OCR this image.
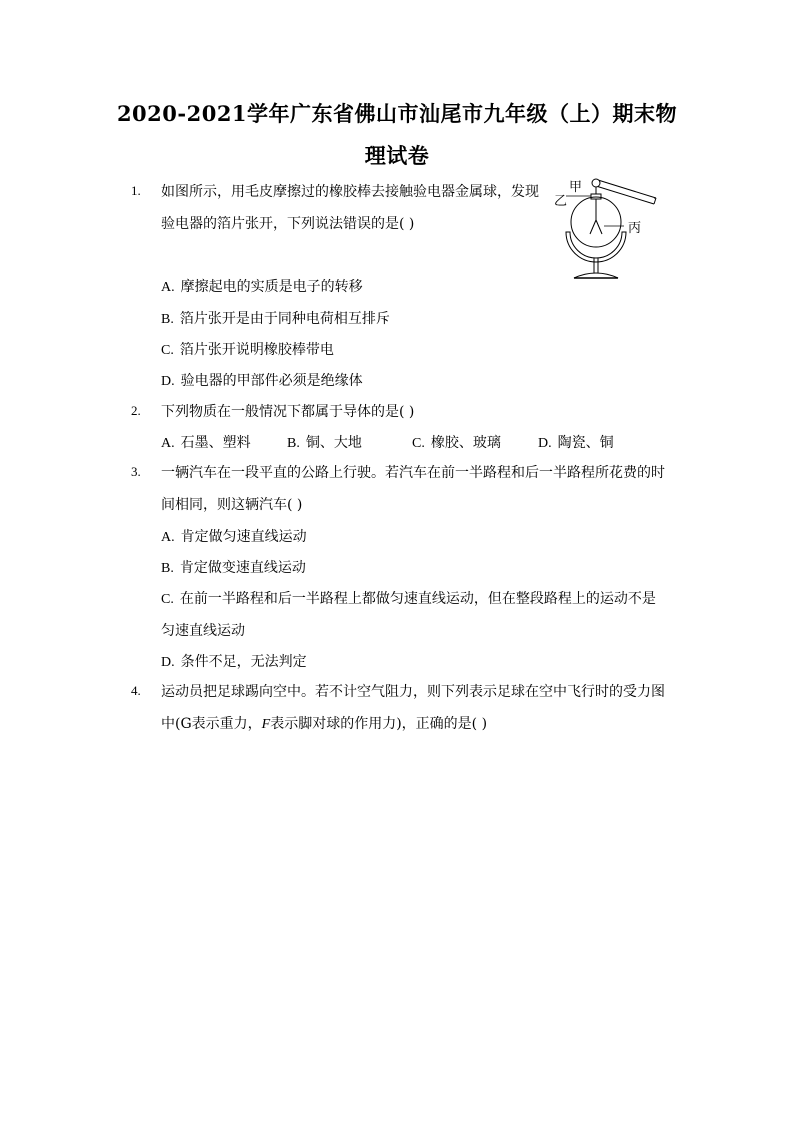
2020-2021学年广东省佛山市汕尾市九年级（上）期末物
理试卷
1. 如图所示，用毛皮摩擦过的橡胶棒去接触验电器金属球，发现
验电器的箔片张开，下列说法错误的是( )
甲
乙
丙
A. 摩擦起电的实质是电子的转移
B. 箔片张开是由于同种电荷相互排斥
C. 箔片张开说明橡胶棒带电
D. 验电器的甲部件必须是绝缘体
2. 下列物质在一般情况下都属于导体的是( )
A. 石墨、塑料	B. 铜、大地	C. 橡胶、玻璃	D. 陶瓷、铜
3. 一辆汽车在一段平直的公路上行驶。若汽车在前一半路程和后一半路程所花费的时
间相同，则这辆汽车( )
A. 肯定做匀速直线运动
B. 肯定做变速直线运动
C. 在前一半路程和后一半路程上都做匀速直线运动，但在整段路程上的运动不是
匀速直线运动
D. 条件不足，无法判定
4. 运动员把足球踢向空中。若不计空气阻力，则下列表示足球在空中飞行时的受力图
中(G表示重力，F表示脚对球的作用力)，正确的是( )
